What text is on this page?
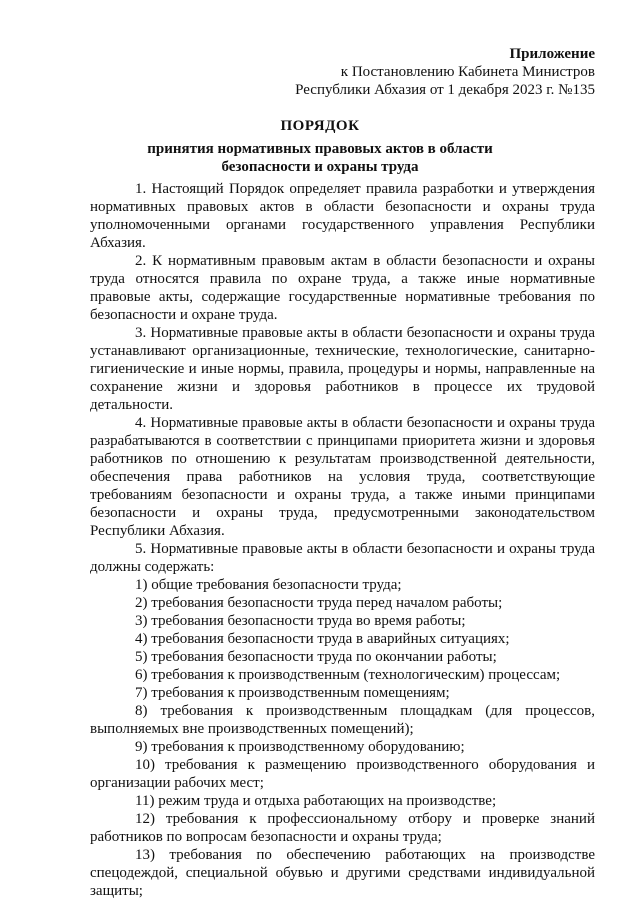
Приложение
к Постановлению Кабинета Министров
Республики Абхазия от 1 декабря 2023 г. №135
ПОРЯДОК
принятия нормативных правовых актов в области
безопасности и охраны труда

1. Настоящий Порядок определяет правила разработки и утверждения нормативных правовых актов в области безопасности и охраны труда уполномоченными органами государственного управления Республики Абхазия.

2. К нормативным правовым актам в области безопасности и охраны труда относятся правила по охране труда, а также иные нормативные правовые акты, содержащие государственные нормативные требования по безопасности и охране труда.

3. Нормативные правовые акты в области безопасности и охраны труда устанавливают организационные, технические, технологические, санитарно-гигиенические и иные нормы, правила, процедуры и нормы, направленные на сохранение жизни и здоровья работников в процессе их трудовой детальности.

4. Нормативные правовые акты в области безопасности и охраны труда разрабатываются в соответствии с принципами приоритета жизни и здоровья работников по отношению к результатам производственной деятельности, обеспечения права работников на условия труда, соответствующие требованиям безопасности и охраны труда, а также иными принципами безопасности и охраны труда, предусмотренными законодательством Республики Абхазия.

5. Нормативные правовые акты в области безопасности и охраны труда должны содержать:

1) общие требования безопасности труда;

2) требования безопасности труда перед началом работы;

3) требования безопасности труда во время работы;

4) требования безопасности труда в аварийных ситуациях;

5) требования безопасности труда по окончании работы;

6) требования к производственным (технологическим) процессам;

7) требования к производственным помещениям;

8) требования к производственным площадкам (для процессов, выполняемых вне производственных помещений);

9) требования к производственному оборудованию;

10) требования к размещению производственного оборудования и организации рабочих мест;

11) режим труда и отдыха работающих на производстве;

12) требования к профессиональному отбору и проверке знаний работников по вопросам безопасности и охраны труда;

13) требования по обеспечению работающих на производстве спецодеждой, специальной обувью и другими средствами индивидуальной защиты;
